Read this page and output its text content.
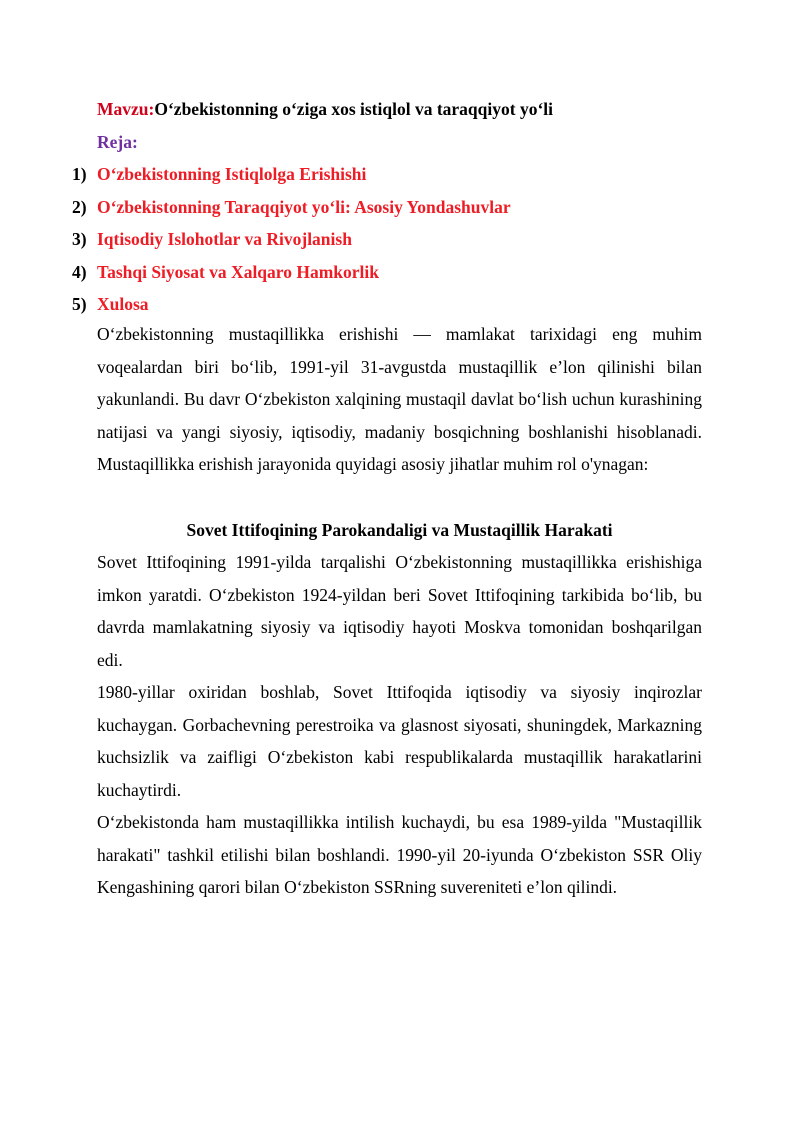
Mavzu:O‘zbekistonning o‘ziga xos istiqlol va taraqqiyot yo‘li
Reja:
1) O‘zbekistonning Istiqlolga Erishishi
2) O‘zbekistonning Taraqqiyot yo‘li: Asosiy Yondashuvlar
3) Iqtisodiy Islohotlar va Rivojlanish
4) Tashqi Siyosat va Xalqaro Hamkorlik
5) Xulosa

O‘zbekistonning mustaqillikka erishishi — mamlakat tarixidagi eng muhim voqealardan biri bo‘lib, 1991-yil 31-avgustda mustaqillik e’lon qilinishi bilan yakunlandi. Bu davr O‘zbekiston xalqining mustaqil davlat bo‘lish uchun kurashining natijasi va yangi siyosiy, iqtisodiy, madaniy bosqichning boshlanishi hisoblanadi. Mustaqillikka erishish jarayonida quyidagi asosiy jihatlar muhim rol o'ynagan:

Sovet Ittifoqining Parokandaligi va Mustaqillik Harakati

Sovet Ittifoqining 1991-yilda tarqalishi O‘zbekistonning mustaqillikka erishishiga imkon yaratdi. O‘zbekiston 1924-yildan beri Sovet Ittifoqining tarkibida bo‘lib, bu davrda mamlakatning siyosiy va iqtisodiy hayoti Moskva tomonidan boshqarilgan edi.

1980-yillar oxiridan boshlab, Sovet Ittifoqida iqtisodiy va siyosiy inqirozlar kuchaygan. Gorbachevning perestroika va glasnost siyosati, shuningdek, Markazning kuchsizlik va zaifligi O‘zbekiston kabi respublikalarda mustaqillik harakatlarini kuchaytirdi.

O‘zbekistonda ham mustaqillikka intilish kuchaydi, bu esa 1989-yilda "Mustaqillik harakati" tashkil etilishi bilan boshlandi. 1990-yil 20-iyunda O‘zbekiston SSR Oliy Kengashining qarori bilan O‘zbekiston SSRning suvereniteti e’lon qilindi.
